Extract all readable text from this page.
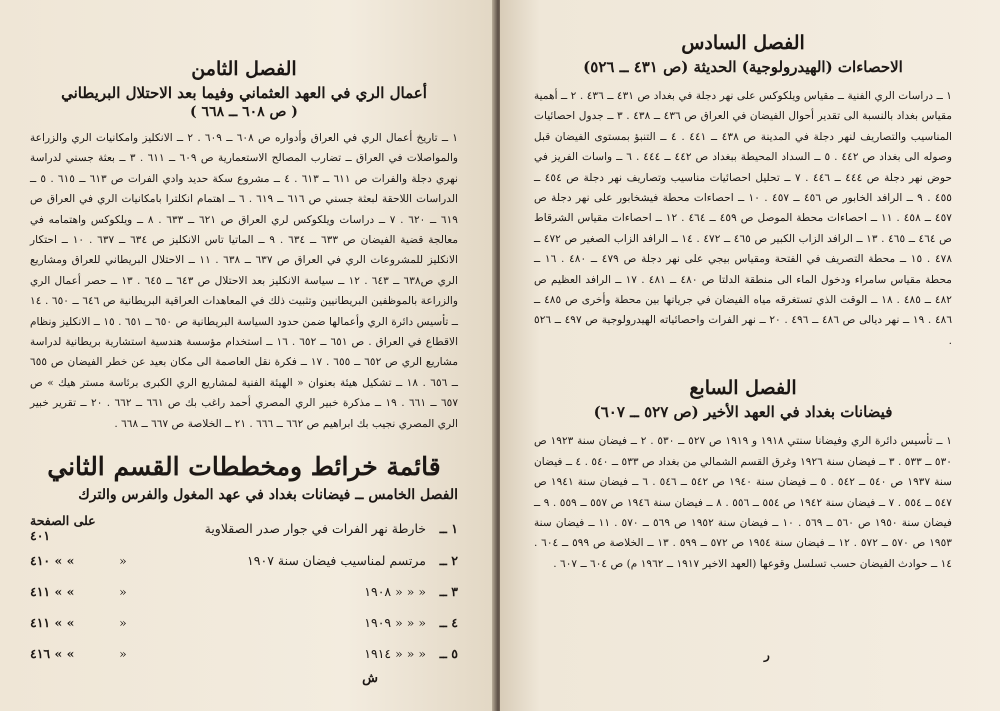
الفصل الثامن
أعمال الري في العهد العثماني وفيما بعد الاحتلال البريطاني
( ص ٦٠٨ ــ ٦٦٨ )

١ ــ تاريخ أعمال الري في العراق وأدواره ص ٦٠٨ ــ ٦٠٩ . ٢ ــ الانكليز وامكانيات الري والزراعة والمواصلات في العراق ــ تضارب المصالح الاستعمارية ص ٦٠٩ ــ ٦١١ . ٣ ــ بعثة جسني لدراسة نهري دجلة والفرات ص ٦١١ ــ ٦١٣ . ٤ ــ مشروع سكة حديد وادي الفرات ص ٦١٣ ــ ٦١٥ . ٥ ــ الدراسات اللاحقة لبعثة جسني ص ٦١٦ ــ ٦١٩ . ٦ ــ اهتمام انكلترا بامكانيات الري في العراق ص ٦١٩ ــ ٦٢٠ . ٧ ــ دراسات ويلكوكس لري العراق ص ٦٢١ ــ ٦٣٣ . ٨ ــ ويلكوكس واهتمامه في معالجة قضية الفيضان ص ٦٣٣ ــ ٦٣٤ . ٩ ــ الماتيا تاس الانكليز ص ٦٣٤ ــ ٦٣٧ . ١٠ ــ احتكار الانكليز للمشروعات الري في العراق ص ٦٣٧ ــ ٦٣٨ . ١١ ــ الاحتلال البريطاني للعراق ومشاريع الري ص٦٣٨ ــ ٦٤٣ . ١٢ ــ سياسة الانكليز بعد الاحتلال ص ٦٤٣ ــ ٦٤٥ . ١٣ ــ حصر أعمال الري والزراعة بالموظفين البريطانيين وتثبيت ذلك في المعاهدات العراقية البريطانية ص ٦٤٦ ــ ٦٥٠ . ١٤ ــ تأسيس دائرة الري وأعمالها ضمن حدود السياسة البريطانية ص ٦٥٠ ــ ٦٥١ . ١٥ ــ الانكليز ونظام الاقطاع في العراق . ص ٦٥١ ــ ٦٥٢ . ١٦ ــ استخدام مؤسسة هندسية استشارية بريطانية لدراسة مشاريع الري ص ٦٥٢ ــ ٦٥٥ . ١٧ ــ فكرة نقل العاصمة الى مكان بعيد عن خطر الفيضان ص ٦٥٥ ــ ٦٥٦ . ١٨ ــ تشكيل هيئة بعنوان « الهيئة الفنية لمشاريع الري الكبرى برئاسة مستر هيك » ص ٦٥٧ ــ ٦٦١ . ١٩ ــ مذكرة خبير الري المصري أحمد راغب بك ص ٦٦١ ــ ٦٦٢ . ٢٠ ــ تقرير خبير الري المصري نجيب بك ابراهيم ص ٦٦٢ ــ ٦٦٦ . ٢١ ــ الخلاصة ص ٦٦٧ ــ ٦٦٨ .

قائمة خرائط ومخططات القسم الثاني
الفصل الخامس ــ فيضانات بغداد في عهد المغول والفرس والترك
١ ــ	خارطة نهر الفرات في جوار صدر الصقلاوية		على الصفحة ٤٠١
٢ ــ	مرتسم لمناسيب فيضان سنة ١٩٠٧	«	٤١٠ « «
٣ ــ	« « « ١٩٠٨	«	٤١١ « «
٤ ــ	« « « ١٩٠٩	«	٤١١ « «
٥ ــ	« « « ١٩١٤	«	٤١٦ « «
ش
الفصل السادس
الاحصاءات (الهيدرولوجية) الحديثة (ص ٤٣١ ــ ٥٢٦)

١ ــ دراسات الري الفنية ــ مقياس ويلكوكس على نهر دجلة في بغداد ص ٤٣١ ــ ٤٣٦ . ٢ ــ أهمية مقياس بغداد بالنسبة الى تقدير أحوال الفيضان في العراق ص ٤٣٦ ــ ٤٣٨ . ٣ ــ جدول احصائيات المناسيب والتصاريف لنهر دجلة في المدينة ص ٤٣٨ ــ ٤٤١ . ٤ ــ التنبؤ بمستوى الفيضان قبل وصوله الى بغداد ص ٤٤٢ . ٥ ــ السداد المحيطة ببغداد ص ٤٤٢ ــ ٤٤٤ . ٦ ــ واسات الفريز في حوض نهر دجلة ص ٤٤٤ ــ ٤٤٦ . ٧ ــ تحليل احصائيات مناسيب وتصاريف نهر دجلة ص ٤٥٤ ــ ٤٥٥ . ٩ ــ الرافد الخابور ص ٤٥٦ ــ ٤٥٧ . ١٠ ــ احصاءات محطة فيشخابور على نهر دجلة ص ٤٥٧ ــ ٤٥٨ . ١١ ــ احصاءات محطة الموصل ص ٤٥٩ ــ ٤٦٤ . ١٢ ــ احصاءات مقياس الشرقاط ص ٤٦٤ ــ ٤٦٥ . ١٣ ــ الرافد الزاب الكبير ص ٤٦٥ ــ ٤٧٢ . ١٤ ــ الرافد الزاب الصغير ص ٤٧٢ ــ ٤٧٨ . ١٥ ــ محطة التصريف في الفتحة ومقياس بيجي على نهر دجلة ص ٤٧٩ ــ ٤٨٠ . ١٦ ــ محطة مقياس سامراء ودخول الماء الى منطقة الدلتا ص ٤٨٠ ــ ٤٨١ . ١٧ ــ الرافد العظيم ص ٤٨٢ ــ ٤٨٥ . ١٨ ــ الوقت الذي تستغرقه مياه الفيضان في جريانها بين محطة وأخرى ص ٤٨٥ ــ ٤٨٦ . ١٩ ــ نهر ديالى ص ٤٨٦ ــ ٤٩٦ . ٢٠ ــ نهر الفرات واحصائياته الهيدرولوجية ص ٤٩٧ ــ ٥٢٦ .

الفصل السابع
فيضانات بغداد في العهد الأخير (ص ٥٢٧ ــ ٦٠٧)

١ ــ تأسيس دائرة الري وفيضانا سنتي ١٩١٨ و ١٩١٩ ص ٥٢٧ ــ ٥٣٠ . ٢ ــ فيضان سنة ١٩٢٣ ص ٥٣٠ ــ ٥٣٣ . ٣ ــ فيضان سنة ١٩٢٦ وغرق القسم الشمالي من بغداد ص ٥٣٣ ــ ٥٤٠ . ٤ ــ فيضان سنة ١٩٣٧ ص ٥٤٠ ــ ٥٤٢ . ٥ ــ فيضان سنة ١٩٤٠ ص ٥٤٢ ــ ٥٤٦ . ٦ ــ فيضان سنة ١٩٤١ ص ٥٤٧ ــ ٥٥٤ . ٧ ــ فيضان سنة ١٩٤٢ ص ٥٥٤ ــ ٥٥٦ . ٨ ــ فيضان سنة ١٩٤٦ ص ٥٥٧ ــ ٥٥٩ . ٩ ــ فيضان سنة ١٩٥٠ ص ٥٦٠ ــ ٥٦٩ . ١٠ ــ فيضان سنة ١٩٥٢ ص ٥٦٩ ــ ٥٧٠ . ١١ ــ فيضان سنة ١٩٥٣ ص ٥٧٠ ــ ٥٧٢ . ١٢ ــ فيضان سنة ١٩٥٤ ص ٥٧٢ ــ ٥٩٩ . ١٣ ــ الخلاصة ص ٥٩٩ ــ ٦٠٤ . ١٤ ــ حوادث الفيضان حسب تسلسل وقوعها (العهد الاخير ١٩١٧ ــ ١٩٦٢ م) ص ٦٠٤ ــ ٦٠٧ .

ر
